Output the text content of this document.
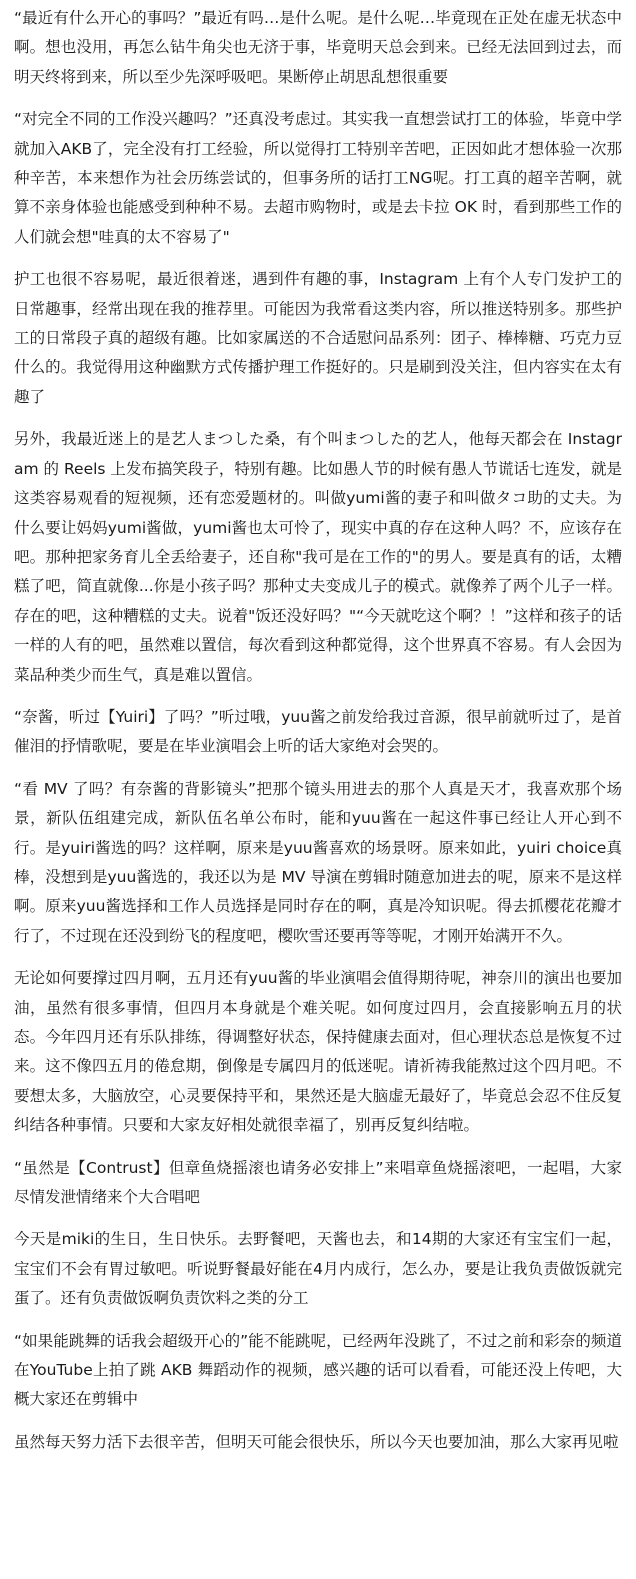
“最近有什么开心的事吗？”最近有吗…是什么呢。是什么呢…毕竟现在正处在虚无状态中啊。想也没用，再怎么钻牛角尖也无济于事，毕竟明天总会到来。已经无法回到过去，而明天终将到来，所以至少先深呼吸吧。果断停止胡思乱想很重要

“对完全不同的工作没兴趣吗？”还真没考虑过。其实我一直想尝试打工的体验，毕竟中学就加入AKB了，完全没有打工经验，所以觉得打工特别辛苦吧，正因如此才想体验一次那种辛苦，本来想作为社会历练尝试的，但事务所的话打工NG呢。打工真的超辛苦啊，就算不亲身体验也能感受到种种不易。去超市购物时，或是去卡拉 OK 时，看到那些工作的人们就会想"哇真的太不容易了"

护工也很不容易呢，最近很着迷，遇到件有趣的事，Instagram 上有个人专门发护工的日常趣事，经常出现在我的推荐里。可能因为我常看这类内容，所以推送特别多。那些护工的日常段子真的超级有趣。比如家属送的不合适慰问品系列：团子、棒棒糖、巧克力豆什么的。我觉得用这种幽默方式传播护理工作挺好的。只是刷到没关注，但内容实在太有趣了

另外，我最近迷上的是艺人まつした桑，有个叫まつした的艺人，他每天都会在 Instagram 的 Reels 上发布搞笑段子，特别有趣。比如愚人节的时候有愚人节谎话七连发，就是这类容易观看的短视频，还有恋爱题材的。叫做yumi酱的妻子和叫做タコ助的丈夫。为什么要让妈妈yumi酱做，yumi酱也太可怜了，现实中真的存在这种人吗？不，应该存在吧。那种把家务育儿全丢给妻子，还自称"我可是在工作的"的男人。要是真有的话，太糟糕了吧，简直就像...你是小孩子吗？那种丈夫变成儿子的模式。就像养了两个儿子一样。存在的吧，这种糟糕的丈夫。说着"饭还没好吗？"“今天就吃这个啊？！”这样和孩子的话一样的人有的吧，虽然难以置信，每次看到这种都觉得，这个世界真不容易。有人会因为菜品种类少而生气，真是难以置信。

“奈酱，听过【Yuiri】了吗？”听过哦，yuu酱之前发给我过音源，很早前就听过了，是首催泪的抒情歌呢，要是在毕业演唱会上听的话大家绝对会哭的。

“看 MV 了吗？有奈酱的背影镜头”把那个镜头用进去的那个人真是天才，我喜欢那个场景，新队伍组建完成，新队伍名单公布时，能和yuu酱在一起这件事已经让人开心到不行。是yuiri酱选的吗？这样啊，原来是yuu酱喜欢的场景呀。原来如此，yuiri choice真棒，没想到是yuu酱选的，我还以为是 MV 导演在剪辑时随意加进去的呢，原来不是这样啊。原来yuu酱选择和工作人员选择是同时存在的啊，真是冷知识呢。得去抓樱花花瓣才行了，不过现在还没到纷飞的程度吧，樱吹雪还要再等等呢，才刚开始满开不久。

无论如何要撑过四月啊，五月还有yuu酱的毕业演唱会值得期待呢，神奈川的演出也要加油，虽然有很多事情，但四月本身就是个难关呢。如何度过四月，会直接影响五月的状态。今年四月还有乐队排练，得调整好状态，保持健康去面对，但心理状态总是恢复不过来。这不像四五月的倦怠期，倒像是专属四月的低迷呢。请祈祷我能熬过这个四月吧。不要想太多，大脑放空，心灵要保持平和，果然还是大脑虚无最好了，毕竟总会忍不住反复纠结各种事情。只要和大家友好相处就很幸福了，别再反复纠结啦。

“虽然是【Contrust】但章鱼烧摇滚也请务必安排上”来唱章鱼烧摇滚吧，一起唱，大家尽情发泄情绪来个大合唱吧

今天是miki的生日，生日快乐。去野餐吧，天酱也去，和14期的大家还有宝宝们一起，宝宝们不会有胃过敏吧。听说野餐最好能在4月内成行，怎么办，要是让我负责做饭就完蛋了。还有负责做饭啊负责饮料之类的分工

“如果能跳舞的话我会超级开心的”能不能跳呢，已经两年没跳了，不过之前和彩奈的频道在YouTube上拍了跳 AKB 舞蹈动作的视频，感兴趣的话可以看看，可能还没上传吧，大概大家还在剪辑中

虽然每天努力活下去很辛苦，但明天可能会很快乐，所以今天也要加油，那么大家再见啦
